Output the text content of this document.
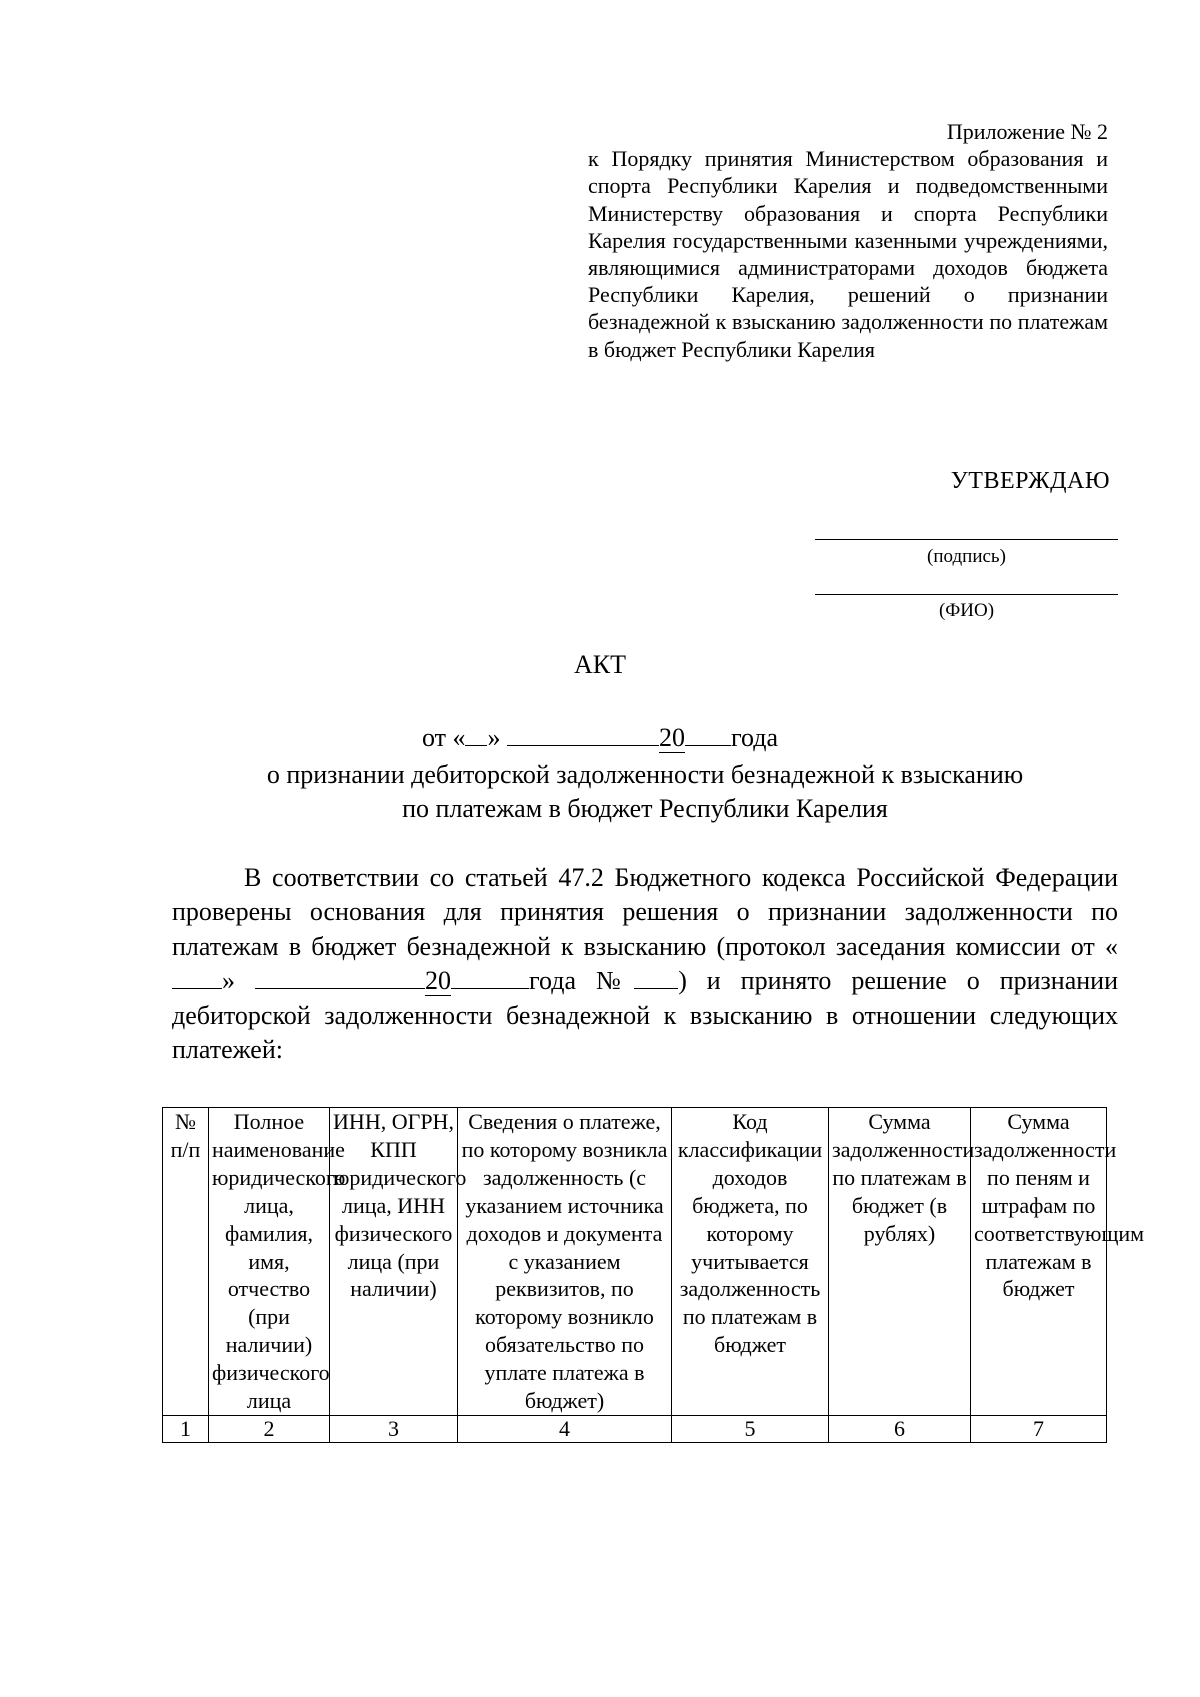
Приложение № 2
к Порядку принятия Министерством образования и спорта Республики Карелия и подведомственными Министерству образования и спорта Республики Карелия государственными казенными учреждениями, являющимися администраторами доходов бюджета Республики Карелия, решений о признании безнадежной к взысканию задолженности по платежам в бюджет Республики Карелия
УТВЕРЖДАЮ
(подпись)
(ФИО)
АКТ
от « »	20 года
о признании дебиторской задолженности безнадежной к взысканию
по платежам в бюджет Республики Карелия
В соответствии со статьей 47.2 Бюджетного кодекса Российской Федерации проверены основания для принятия решения о признании задолженности по платежам в бюджет безнадежной к взысканию (протокол заседания комиссии от «»	20	года № ) и принято решение о признании дебиторской задолженности безнадежной к взысканию в отношении следующих платежей:
№ п/п	Полное наименование юридического лица, фамилия, имя, отчество (при наличии) физического лица	ИНН, ОГРН, КПП юридического лица, ИНН физического лица (при наличии)	Сведения о платеже, по которому возникла задолженность (с указанием источника доходов и документа с указанием реквизитов, по которому возникло обязательство по уплате платежа в бюджет)	Код классификации доходов бюджета, по которому учитывается задолженность по платежам в бюджет	Сумма задолженности по платежам в бюджет (в рублях)	Сумма задолженности по пеням и штрафам по соответствующим платежам в бюджет
1	2	3	4	5	6	7
